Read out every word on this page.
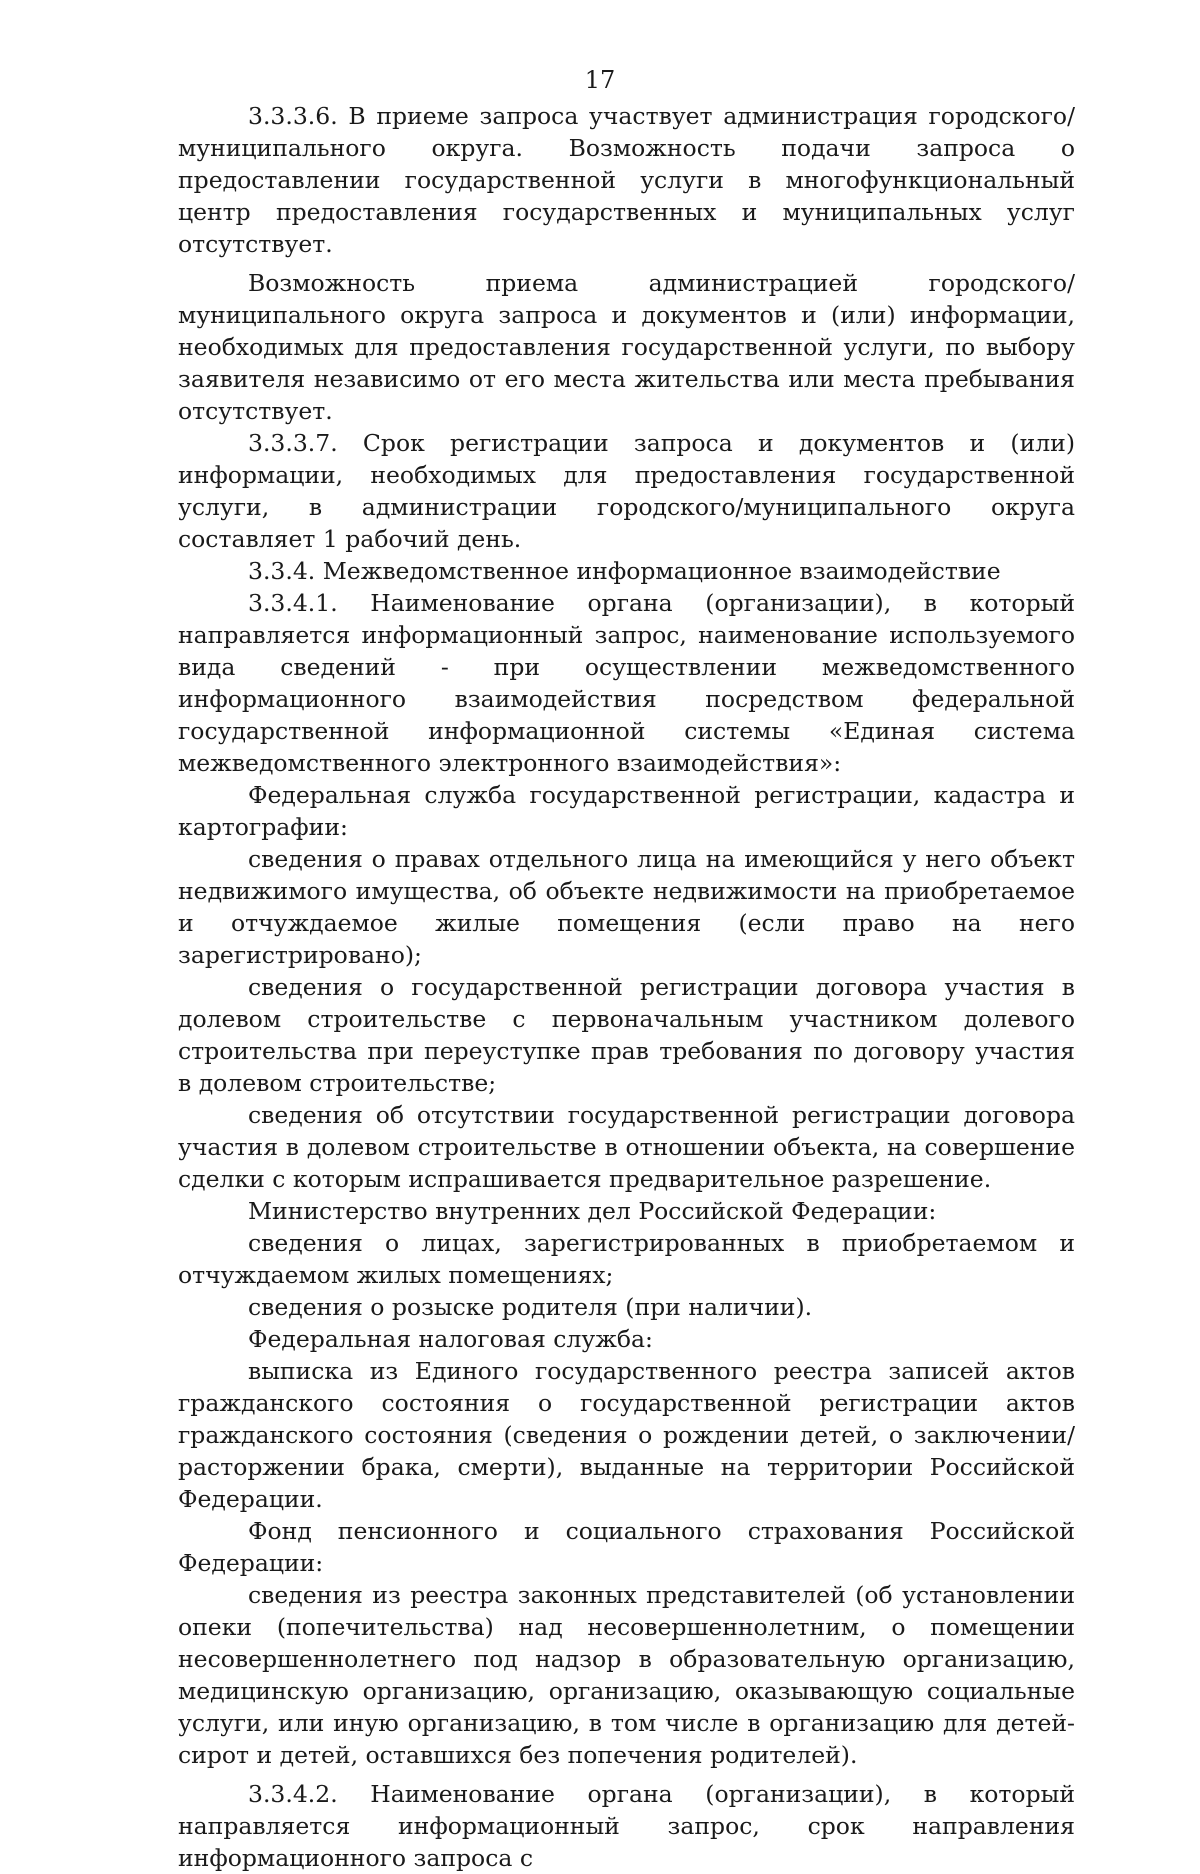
17

3.3.3.6. В приеме запроса участвует администрация городского/муниципального округа. Возможность подачи запроса о предоставлении государственной услуги в многофункциональный центр предоставления государственных и муниципальных услуг отсутствует.

Возможность приема администрацией городского/муниципального округа запроса и документов и (или) информации, необходимых для предоставления государственной услуги, по выбору заявителя независимо от его места жительства или места пребывания отсутствует.

3.3.3.7. Срок регистрации запроса и документов и (или) информации, необходимых для предоставления государственной услуги, в администрации городского/муниципального округа составляет 1 рабочий день.

3.3.4. Межведомственное информационное взаимодействие

3.3.4.1. Наименование органа (организации), в который направляется информационный запрос, наименование используемого вида сведений - при осуществлении межведомственного информационного взаимодействия посредством федеральной государственной информационной системы «Единая система межведомственного электронного взаимодействия»:

Федеральная служба государственной регистрации, кадастра и картографии:

сведения о правах отдельного лица на имеющийся у него объект недвижимого имущества, об объекте недвижимости на приобретаемое и отчуждаемое жилые помещения (если право на него зарегистрировано);

сведения о государственной регистрации договора участия в долевом строительстве с первоначальным участником долевого строительства при переуступке прав требования по договору участия в долевом строительстве;

сведения об отсутствии государственной регистрации договора участия в долевом строительстве в отношении объекта, на совершение сделки с которым испрашивается предварительное разрешение.

Министерство внутренних дел Российской Федерации:

сведения о лицах, зарегистрированных в приобретаемом и отчуждаемом жилых помещениях;

сведения о розыске родителя (при наличии).

Федеральная налоговая служба:

выписка из Единого государственного реестра записей актов гражданского состояния о государственной регистрации актов гражданского состояния (сведения о рождении детей, о заключении/расторжении брака, смерти), выданные на территории Российской Федерации.

Фонд пенсионного и социального страхования Российской Федерации:

сведения из реестра законных представителей (об установлении опеки (попечительства) над несовершеннолетним, о помещении несовершеннолетнего под надзор в образовательную организацию, медицинскую организацию, организацию, оказывающую социальные услуги, или иную организацию, в том числе в организацию для детей-сирот и детей, оставшихся без попечения родителей).

3.3.4.2. Наименование органа (организации), в который направляется информационный запрос, срок направления информационного запроса с
